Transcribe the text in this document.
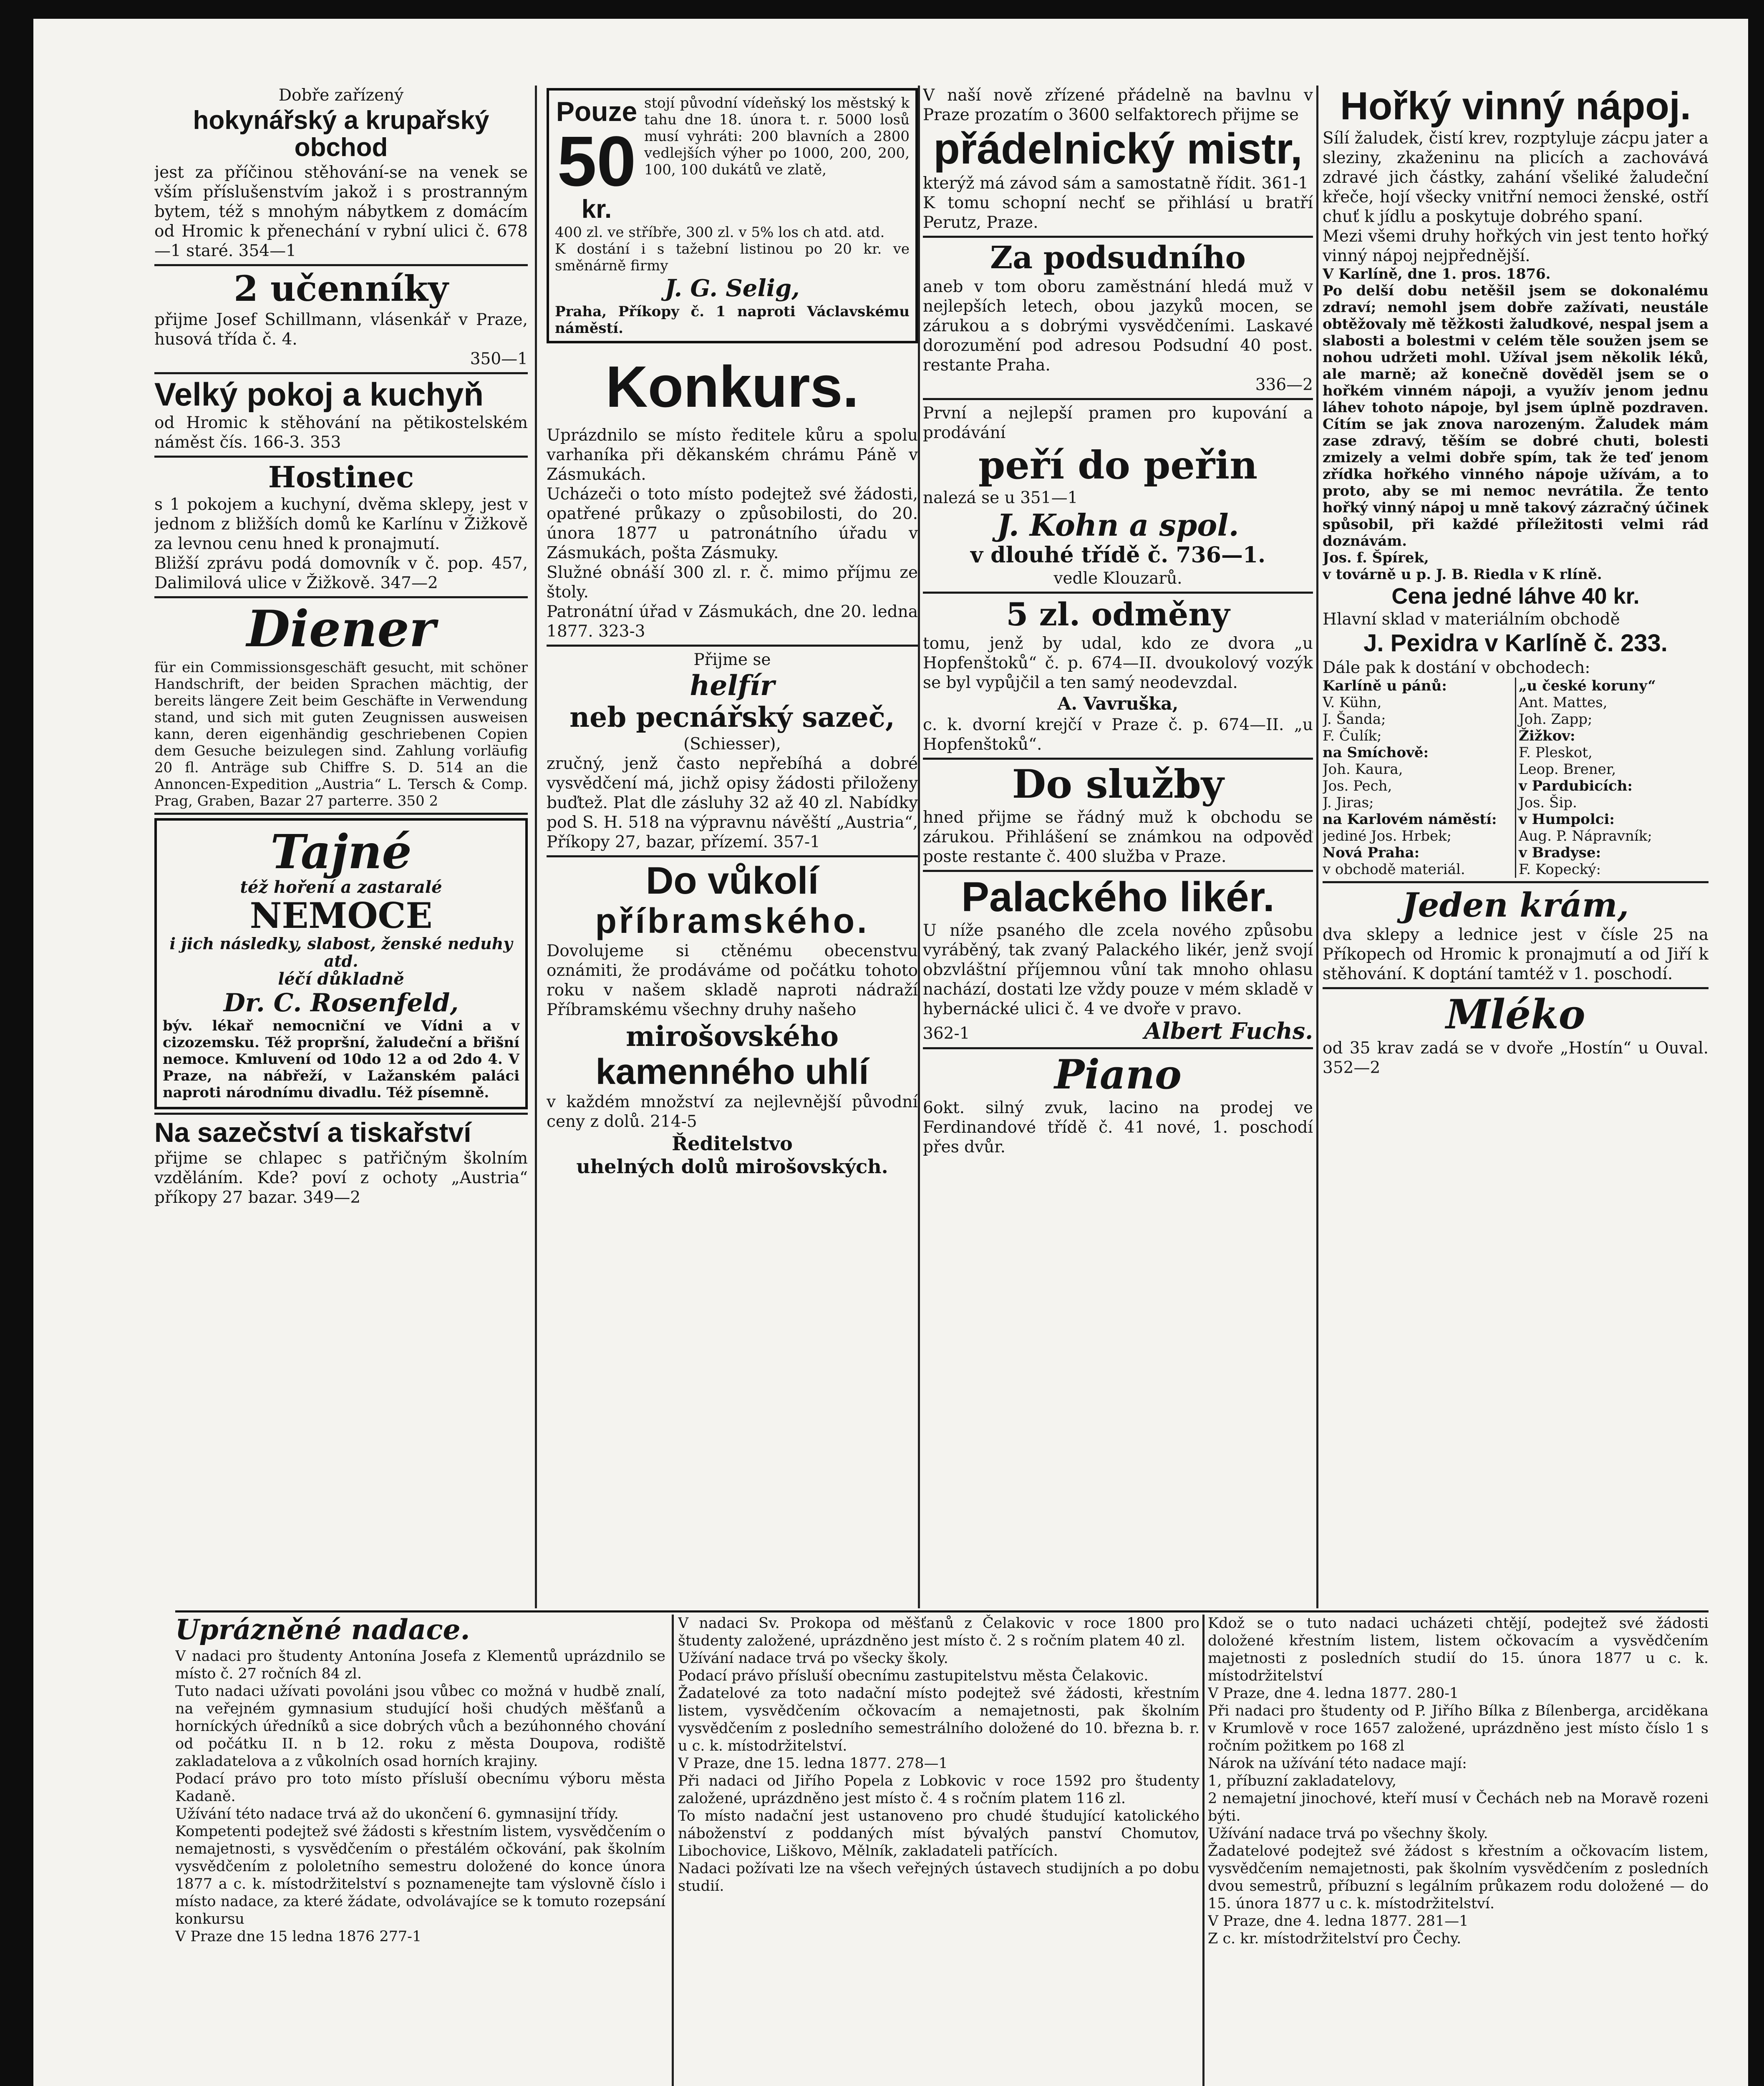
Dobře zařízený

hokynářský a krupařský obchod

jest za příčinou stěhování-se na venek se vším příslušenstvím jakož i s prostranným bytem, též s mnohým nábytkem z domácím od Hromic k přenechání v rybní ulici č. 678—1 staré. 354—1

2 učenníky

přijme Josef Schillmann, vlásenkář v Praze, husová třída č. 4.

350—1

Velký pokoj a kuchyň

od Hromic k stěhování na pětikostelském náměst čís. 166-3. 353

Hostinec

s 1 pokojem a kuchyní, dvěma sklepy, jest v jednom z bližších domů ke Karlínu v Žižkově za levnou cenu hned k pronajmutí.

Bližší zprávu podá domovník v č. pop. 457, Dalimilová ulice v Žižkově. 347—2

Diener

für ein Commissionsgeschäft gesucht, mit schöner Handschrift, der beiden Sprachen mächtig, der bereits längere Zeit beim Geschäfte in Verwendung stand, und sich mit guten Zeugnissen ausweisen kann, deren eigenhändig geschriebenen Copien dem Gesuche beizulegen sind. Zahlung vorläufig 20 fl. Anträge sub Chiffre S. D. 514 an die Annoncen-Expedition „Austria“ L. Tersch & Comp. Prag, Graben, Bazar 27 parterre. 350 2

Tajné

též hoření a zastaralé

NEMOCE

i jich následky, slabost, ženské neduhy atd.

léčí důkladně

Dr. C. Rosenfeld,

býv. lékař nemocniční ve Vídni a v cizozemsku. Též propršní, žaludeční a břišní nemoce. Kmluvení od 10do 12 a od 2do 4. V Praze, na nábřeží, v Lažanském paláci naproti národnímu divadlu. Též písemně.

Na sazečství a tiskařství

přijme se chlapec s patřičným školním vzděláním. Kde? poví z ochoty „Austria“ příkopy 27 bazar. 349—2

Pouze
50
kr.

stojí původní vídeňský los městský k tahu dne 18. února t. r. 5000 losů musí vyhráti: 200 blavních a 2800 vedlejších výher po 1000, 200, 200, 100, 100 dukátů ve zlatě,

400 zl. ve stříbře, 300 zl. v 5% los ch atd. atd.

K dostání i s tažební listinou po 20 kr. ve směnárně firmy

J. G. Selig,

Praha, Příkopy č. 1 naproti Václavskému náměstí.

Konkurs.

Uprázdnilo se místo ředitele kůru a spolu varhaníka při děkanském chrámu Páně v Zásmukách.

Ucházeči o toto místo podejtež své žádosti, opatřené průkazy o způsobilosti, do 20. února 1877 u patronátního úřadu v Zásmukách, pošta Zásmuky.

Služné obnáší 300 zl. r. č. mimo příjmu ze štoly.

Patronátní úřad v Zásmukách, dne 20. ledna 1877. 323-3

Přijme se

helfír

neb pecnářský sazeč,

(Schiesser),

zručný, jenž často nepřebíhá a dobré vysvědčení má, jichž opisy žádosti přiloženy buďtež. Plat dle zásluhy 32 až 40 zl. Nabídky pod S. H. 518 na výpravnu návěští „Austria“, Příkopy 27, bazar, přízemí. 357-1

Do vůkolí

příbramského.

Dovolujeme si ctěnému obecenstvu oznámiti, že prodáváme od počátku tohoto roku v našem skladě naproti nádraží Příbramskému všechny druhy našeho

mirošovského

kamenného uhlí

v každém množství za nejlevnější původní ceny z dolů. 214-5

Ředitelstvo

uhelných dolů mirošovských.

V naší nově zřízené přádelně na bavlnu v Praze prozatím o 3600 selfaktorech přijme se

přádelnický mistr,

kterýž má závod sám a samostatně řídit. 361-1

K tomu schopní nechť se přihlásí u bratří Perutz, Praze.

Za podsudního

aneb v tom oboru zaměstnání hledá muž v nejlepších letech, obou jazyků mocen, se zárukou a s dobrými vysvědčeními. Laskavé dorozumění pod adresou Podsudní 40 post. restante Praha.

336—2

První a nejlepší pramen pro kupování a prodávání

peří do peřin

nalezá se u 351—1

J. Kohn a spol.

v dlouhé třídě č. 736—1.

vedle Klouzarů.

5 zl. odměny

tomu, jenž by udal, kdo ze dvora „u Hopfenštoků“ č. p. 674—II. dvoukolový vozýk se byl vypůjčil a ten samý neodevzdal.

A. Vavruška,

c. k. dvorní krejčí v Praze č. p. 674—II. „u Hopfenštoků“.

Do služby

hned přijme se řádný muž k obchodu se zárukou. Přihlášení se známkou na odpověď poste restante č. 400 služba v Praze.

Palackého likér.

U níže psaného dle zcela nového způsobu vyráběný, tak zvaný Palackého likér, jenž svojí obzvláštní příjemnou vůní tak mnoho ohlasu nachází, dostati lze vždy pouze v mém skladě v hybernácké ulici č. 4 ve dvoře v pravo.

362-1	Albert Fuchs.

Piano

6okt. silný zvuk, lacino na prodej ve Ferdinandové třídě č. 41 nové, 1. poschodí přes dvůr.

Hořký vinný nápoj.

Sílí žaludek, čistí krev, rozptyluje zácpu jater a sleziny, zkaženinu na plicích a zachovává zdravé jich částky, zahání všeliké žaludeční křeče, hojí všecky vnitřní nemoci ženské, ostří chuť k jídlu a poskytuje dobrého spaní.

Mezi všemi druhy hořkých vin jest tento hořký vinný nápoj nejpřednější.

V Karlíně, dne 1. pros. 1876.

Po delší dobu netěšil jsem se dokonalému zdraví; nemohl jsem dobře zažívati, neustále obtěžovaly mě těžkosti žaludkové, nespal jsem a slabosti a bolestmi v celém těle soužen jsem se nohou udržeti mohl. Užíval jsem několik léků, ale marně; až konečně dověděl jsem se o hořkém vinném nápoji, a využív jenom jednu láhev tohoto nápoje, byl jsem úplně pozdraven. Cítím se jak znova narozeným. Žaludek mám zase zdravý, těším se dobré chuti, bolesti zmizely a velmi dobře spím, tak že teď jenom zřídka hořkého vinného nápoje užívám, a to proto, aby se mi nemoc nevrátila. Že tento hořký vinný nápoj u mně takový zázračný účinek spůsobil, při každé příležitosti velmi rád doznávám.

Jos. f. Špírek,

v továrně u p. J. B. Riedla v K rlíně.

Cena jedné láhve 40 kr.

Hlavní sklad v materiálním obchodě

J. Pexidra v Karlíně č. 233.

Dále pak k dostání v obchodech:

Karlíně u pánů:

V. Kühn,

J. Šanda;

F. Čulík;

na Smíchově:

Joh. Kaura,

Jos. Pech,

J. Jiras;

na Karlovém náměstí:

jediné Jos. Hrbek;

Nová Praha:

v obchodě materiál.

„u české koruny“

Ant. Mattes,

Joh. Zapp;

Žižkov:

F. Pleskot,

Leop. Brener,

v Pardubicích:

Jos. Šip.

v Humpolci:

Aug. P. Nápravník;

v Bradyse:

F. Kopecký:

Jeden krám,

dva sklepy a lednice jest v čísle 25 na Příkopech od Hromic k pronajmutí a od Jiří k stěhování. K doptání tamtéž v 1. poschodí.

Mléko

od 35 krav zadá se v dvoře „Hostín“ u Ouval. 352—2

Uprázněné nadace.

V nadaci pro študenty Antonína Josefa z Klementů uprázdnilo se místo č. 27 ročních 84 zl.

Tuto nadaci užívati povoláni jsou vůbec co možná v hudbě znalí, na veřejném gymnasium studující hoši chudých měšťanů a horníckých úředníků a sice dobrých vůch a bezúhonného chování od počátku II. n b 12. roku z města Doupova, rodiště zakladatelova a z vůkolních osad horních krajiny.

Podací právo pro toto místo přísluší obecnímu výboru města Kadaně.

Užívání této nadace trvá až do ukončení 6. gymnasijní třídy.

Kompetenti podejtež své žádosti s křestním listem, vysvědčením o nemajetnosti, s vysvědčením o přestálém očkování, pak školním vysvědčením z pololetního semestru doložené do konce února 1877 a c. k. místodržitelství s poznamenejte tam výslovně číslo i místo nadace, za které žádate, odvolávajíce se k tomuto rozepsání konkursu

V Praze dne 15 ledna 1876 277-1

V nadaci Sv. Prokopa od měšťanů z Čelakovic v roce 1800 pro študenty založené, uprázdněno jest místo č. 2 s ročním platem 40 zl.

Užívání nadace trvá po všecky školy.

Podací právo přísluší obecnímu zastupitelstvu města Čelakovic.

Žadatelové za toto nadační místo podejtež své žádosti, křestním listem, vysvědčením očkovacím a nemajetnosti, pak školním vysvědčením z posledního semestrálního doložené do 10. března b. r. u c. k. místodržitelství.

V Praze, dne 15. ledna 1877. 278—1

Při nadaci od Jiřího Popela z Lobkovic v roce 1592 pro študenty založené, uprázdněno jest místo č. 4 s ročním platem 116 zl.

To místo nadační jest ustanoveno pro chudé študující katolického náboženství z poddaných míst bývalých panství Chomutov, Libochovice, Liškovo, Mělník, zakladateli patřících.

Nadaci požívati lze na všech veřejných ústavech studijních a po dobu studií.

Kdož se o tuto nadaci ucházeti chtějí, podejtež své žádosti doložené křestním listem, listem očkovacím a vysvědčením majetnosti z posledních studií do 15. února 1877 u c. k. místodržitelství

V Praze, dne 4. ledna 1877. 280-1

Při nadaci pro študenty od P. Jiřího Bílka z Bílenberga, arciděkana v Krumlově v roce 1657 založené, uprázdněno jest místo číslo 1 s ročním požitkem po 168 zl

Nárok na užívání této nadace mají:

1, příbuzní zakladatelovy,

2 nemajetní jinochové, kteří musí v Čechách neb na Moravě rozeni býti.

Užívání nadace trvá po všechny školy.

Žadatelové podejtež své žádost s křestním a očkovacím listem, vysvědčením nemajetnosti, pak školním vysvědčením z posledních dvou semestrů, příbuzní s legálním průkazem rodu doložené — do 15. února 1877 u c. k. místodržitelství.

V Praze, dne 4. ledna 1877. 281—1

Z c. kr. místodržitelství pro Čechy.
